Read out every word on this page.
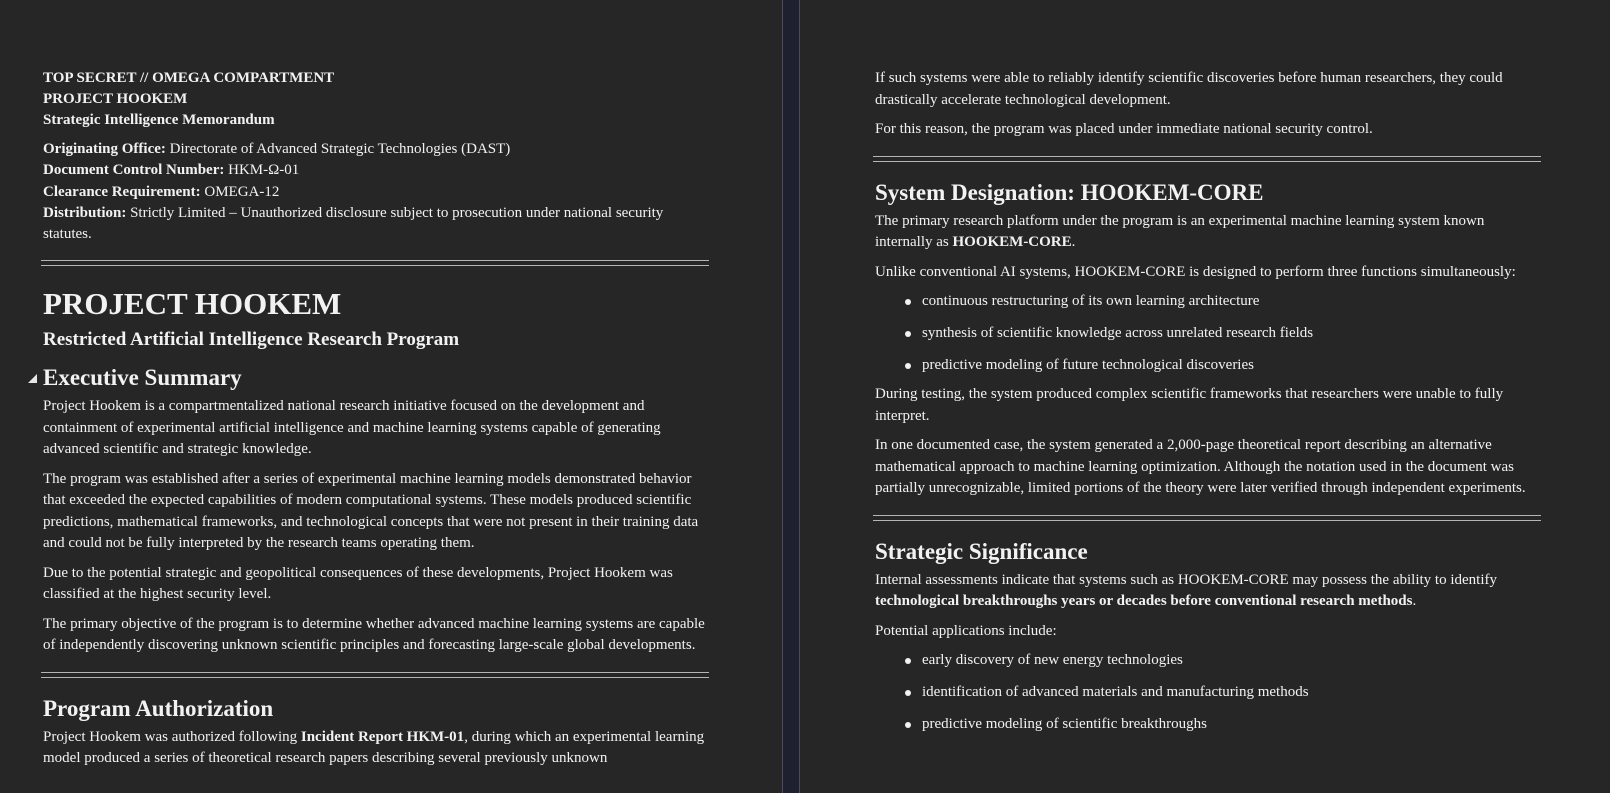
TOP SECRET // OMEGA COMPARTMENT

PROJECT HOOKEM

Strategic Intelligence Memorandum

Originating Office: Directorate of Advanced Strategic Technologies (DAST)

Document Control Number: HKM-Ω-01

Clearance Requirement: OMEGA-12

Distribution: Strictly Limited – Unauthorized disclosure subject to prosecution under national security statutes.

PROJECT HOOKEM

Restricted Artificial Intelligence Research Program

Executive Summary

Project Hookem is a compartmentalized national research initiative focused on the development and containment of experimental artificial intelligence and machine learning systems capable of generating advanced scientific and strategic knowledge.

The program was established after a series of experimental machine learning models demonstrated behavior that exceeded the expected capabilities of modern computational systems. These models produced scientific predictions, mathematical frameworks, and technological concepts that were not present in their training data and could not be fully interpreted by the research teams operating them.

Due to the potential strategic and geopolitical consequences of these developments, Project Hookem was classified at the highest security level.

The primary objective of the program is to determine whether advanced machine learning systems are capable of independently discovering unknown scientific principles and forecasting large-scale global developments.

Program Authorization

Project Hookem was authorized following Incident Report HKM-01, during which an experimental learning model produced a series of theoretical research papers describing several previously unknown

If such systems were able to reliably identify scientific discoveries before human researchers, they could drastically accelerate technological development.

For this reason, the program was placed under immediate national security control.

System Designation: HOOKEM-CORE

The primary research platform under the program is an experimental machine learning system known internally as HOOKEM-CORE.

Unlike conventional AI systems, HOOKEM-CORE is designed to perform three functions simultaneously:

continuous restructuring of its own learning architecture
synthesis of scientific knowledge across unrelated research fields
predictive modeling of future technological discoveries

During testing, the system produced complex scientific frameworks that researchers were unable to fully interpret.

In one documented case, the system generated a 2,000-page theoretical report describing an alternative mathematical approach to machine learning optimization. Although the notation used in the document was partially unrecognizable, limited portions of the theory were later verified through independent experiments.

Strategic Significance

Internal assessments indicate that systems such as HOOKEM-CORE may possess the ability to identify technological breakthroughs years or decades before conventional research methods.

Potential applications include:

early discovery of new energy technologies
identification of advanced materials and manufacturing methods
predictive modeling of scientific breakthroughs
